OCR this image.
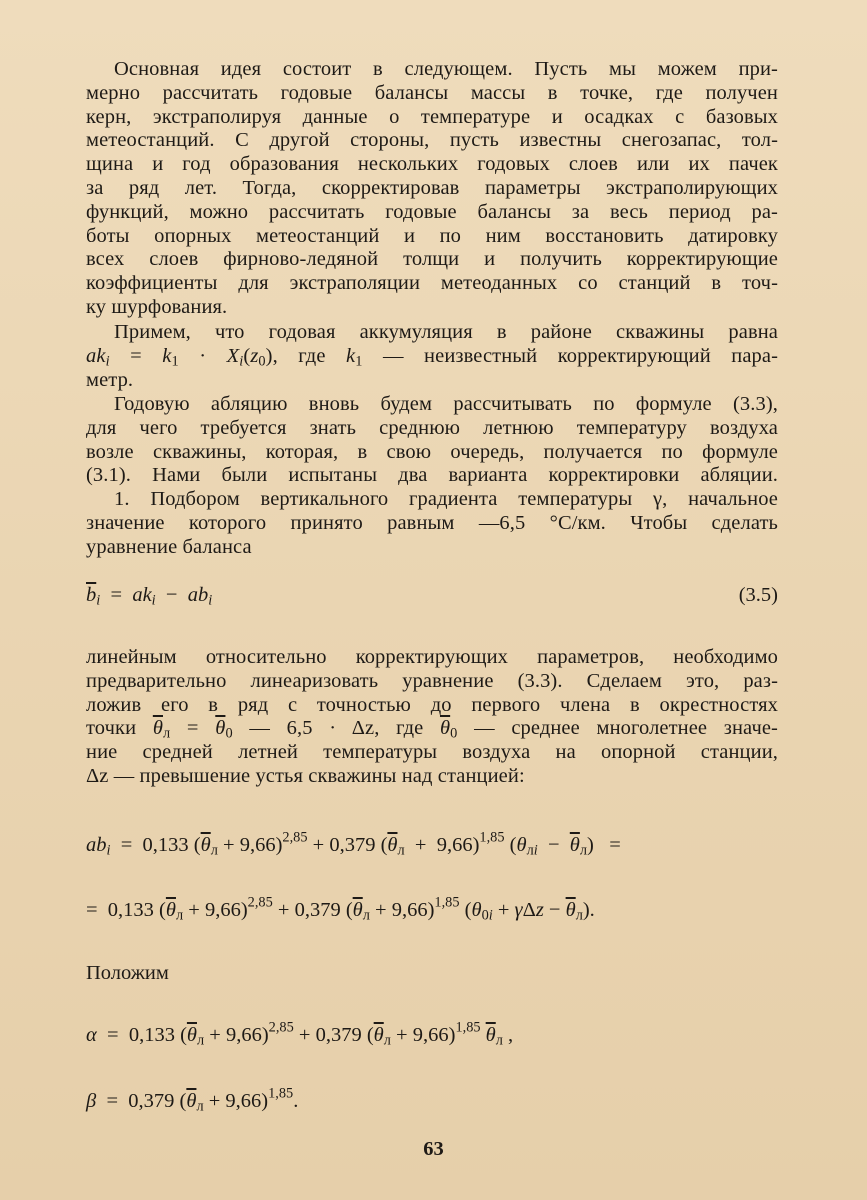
Основная идея состоит в следующем. Пусть мы можем при-
мерно рассчитать годовые балансы массы в точке, где получен
керн, экстраполируя данные о температуре и осадках с базовых
метеостанций. С другой стороны, пусть известны снегозапас, тол-
щина и год образования нескольких годовых слоев или их пачек
за ряд лет. Тогда, скорректировав параметры экстраполирующих
функций, можно рассчитать годовые балансы за весь период ра-
боты опорных метеостанций и по ним восстановить датировку
всех слоев фирново-ледяной толщи и получить корректирующие
коэффициенты для экстраполяции метеоданных со станций в точ-
ку шурфования.
Примем, что годовая аккумуляция в районе скважины равна
$ak_i = k_1 \cdot X_i(z_0)$, где $k_1$ — неизвестный корректирующий пара-
метр.
Годовую абляцию вновь будем рассчитывать по формуле (3.3),
для чего требуется знать среднюю летнюю температуру воздуха
возле скважины, которая, в свою очередь, получается по формуле
(3.1). Нами были испытаны два варианта корректировки абляции.
1. Подбором вертикального градиента температуры γ, начальное
значение которого принято равным —6,5 °С/км. Чтобы сделать
уравнение баланса
$\overline{b}_i = ak_i - ab_i$	(3.5)
линейным относительно корректирующих параметров, необходимо
предварительно линеаризовать уравнение (3.3). Сделаем это, раз-
ложив его в ряд с точностью до первого члена в окрестностях
точки $\overline{\theta}_л = \overline{\theta}_0$ — 6,5 · Δz, где $\overline{\theta}_0$ — среднее многолетнее значе-
ние средней летней температуры воздуха на опорной станции,
Δz — превышение устья скважины над станцией:
$ab_i = 0,133$ $(\overline{\theta}_л + 9,66)^{2,85} + 0,379$ $(\overline{\theta}_л + 9,66)^{1,85}$ $(\theta_{лi} - \overline{\theta}_л)$   =
=  0,133 $(\overline{\theta}_л + 9,66)^{2,85} + 0,379$ $(\overline{\theta}_л + 9,66)^{1,85}$ $(\theta_{0i} + \gamma\Delta z - \overline{\theta}_л)$.
Положим
α  =  0,133 $(\overline{\theta}_л + 9,66)^{2,85} + 0,379$ $(\overline{\theta}_л + 9,66)^{1,85}$ $\overline{\theta}_л$ ,
β  =  0,379 $(\overline{\theta}_л + 9,66)^{1,85}$.
63
